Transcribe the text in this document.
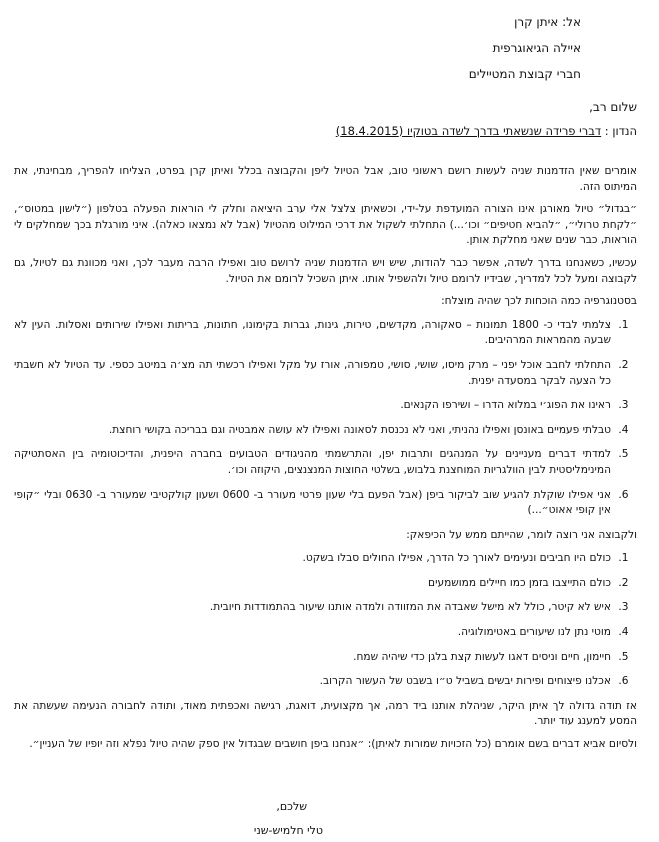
אל: איתן קרן
איילה הגיאוגרפית
חברי קבוצת המטיילים
שלום רב,
הנדון : דברי פרידה שנשאתי בדרך לשדה בטוקיו (18.4.2015)

אומרים שאין הזדמנות שניה לעשות רושם ראשוני טוב, אבל הטיול ליפן והקבוצה בכלל ואיתן קרן בפרט, הצליחו להפריך, מבחינתי, את המיתוס הזה.

״בגדול״ טיול מאורגן אינו הצורה המועדפת על-ידי, וכשאיתן צלצל אלי ערב היציאה וחלק לי הוראות הפעלה בטלפון (״לישון במטוס״, ״לקחת טרולי״, ״להביא חטיפים״ וכו׳...) התחלתי לשקול את דרכי המילוט מהטיול (אבל לא נמצאו כאלה). איני מורגלת בכך שמחלקים לי הוראות, כבר שנים שאני מחלקת אותן.

עכשיו, כשאנחנו בדרך לשדה, אפשר כבר להודות, שיש ויש הזדמנות שניה לרושם טוב ואפילו הרבה מעבר לכך, ואני מכוונת גם לטיול, גם לקבוצה ומעל לכל למדריך, שבידיו לרומם טיול ולהשפיל אותו. איתן השכיל לרומם את הטיול.

בסטנוגרפיה כמה הוכחות לכך שהיה מוצלח:

1. צלמתי לבדי כ- 1800 תמונות – סאקורה, מקדשים, טירות, גינות, גברות בקימונו, חתונות, בריתות ואפילו שירותים ואסלות. העין לא שבעה מהמראות המרהיבים.
2. התחלתי לחבב אוכל יפני – מרק מיסו, שושי, סושי, טמפורה, אורז על מקל ואפילו רכשתי תה מצ׳ה במיטב כספי. עד הטיול לא חשבתי כל הצעה לבקר במסעדה יפנית.
3. ראינו את הפוג׳י במלוא הדרו – ושירפו הקנאים.
4. טבלתי פעמיים באונסן ואפילו נהניתי, ואני לא נכנסת לסאונה ואפילו לא עושה אמבטיה וגם בבריכה בקושי רוחצת.
5. למדתי דברים מעניינים על המנהגים ותרבות יפן, והתרשמתי מהניגודים הטבועים בחברה היפנית, והדיכוטומיה בין האסתטיקה המינימליסטית לבין הוולגריות המוחצנת בלבוש, בשלטי החוצות המנצנצים, היקוזה וכו׳.
6. אני אפילו שוקלת להגיע שוב לביקור ביפן (אבל הפעם בלי שעון פרטי מעורר ב- 0600 ושעון קולקטיבי שמעורר ב- 0630 ובלי ״קופי אין קופי אאוט״...)

ולקבוצה אני רוצה לומר, שהייתם ממש על הכיפאק:

1. כולם היו חביבים ונעימים לאורך כל הדרך, אפילו החולים סבלו בשקט.
2. כולם התייצבו בזמן כמו חיילים ממושמעים
3. איש לא קיטר, כולל לא מישל שאבדה את המזוודה ולמדה אותנו שיעור בהתמודדות חיובית.
4. מוטי נתן לנו שיעורים באטימולוגיה.
5. חיימון, חיים וניסים דאגו לעשות קצת בלגן כדי שיהיה שמח.
6. אכלנו פיצוחים ופירות יבשים בשביל ט״ו בשבט של העשור הקרוב.

אז תודה גדולה לך איתן היקר, שניהלת אותנו ביד רמה, אך מקצועית, דואגת, רגישה ואכפתית מאוד, ותודה לחבורה הנעימה שעשתה את המסע למענג עוד יותר.

ולסיום אביא דברים בשם אומרם (כל הזכויות שמורות לאיתן): ״אנחנו ביפן חושבים שבגדול אין ספק שהיה טיול נפלא וזה יופיו של העניין״.

שלכם,
טלי חלמיש-שני
